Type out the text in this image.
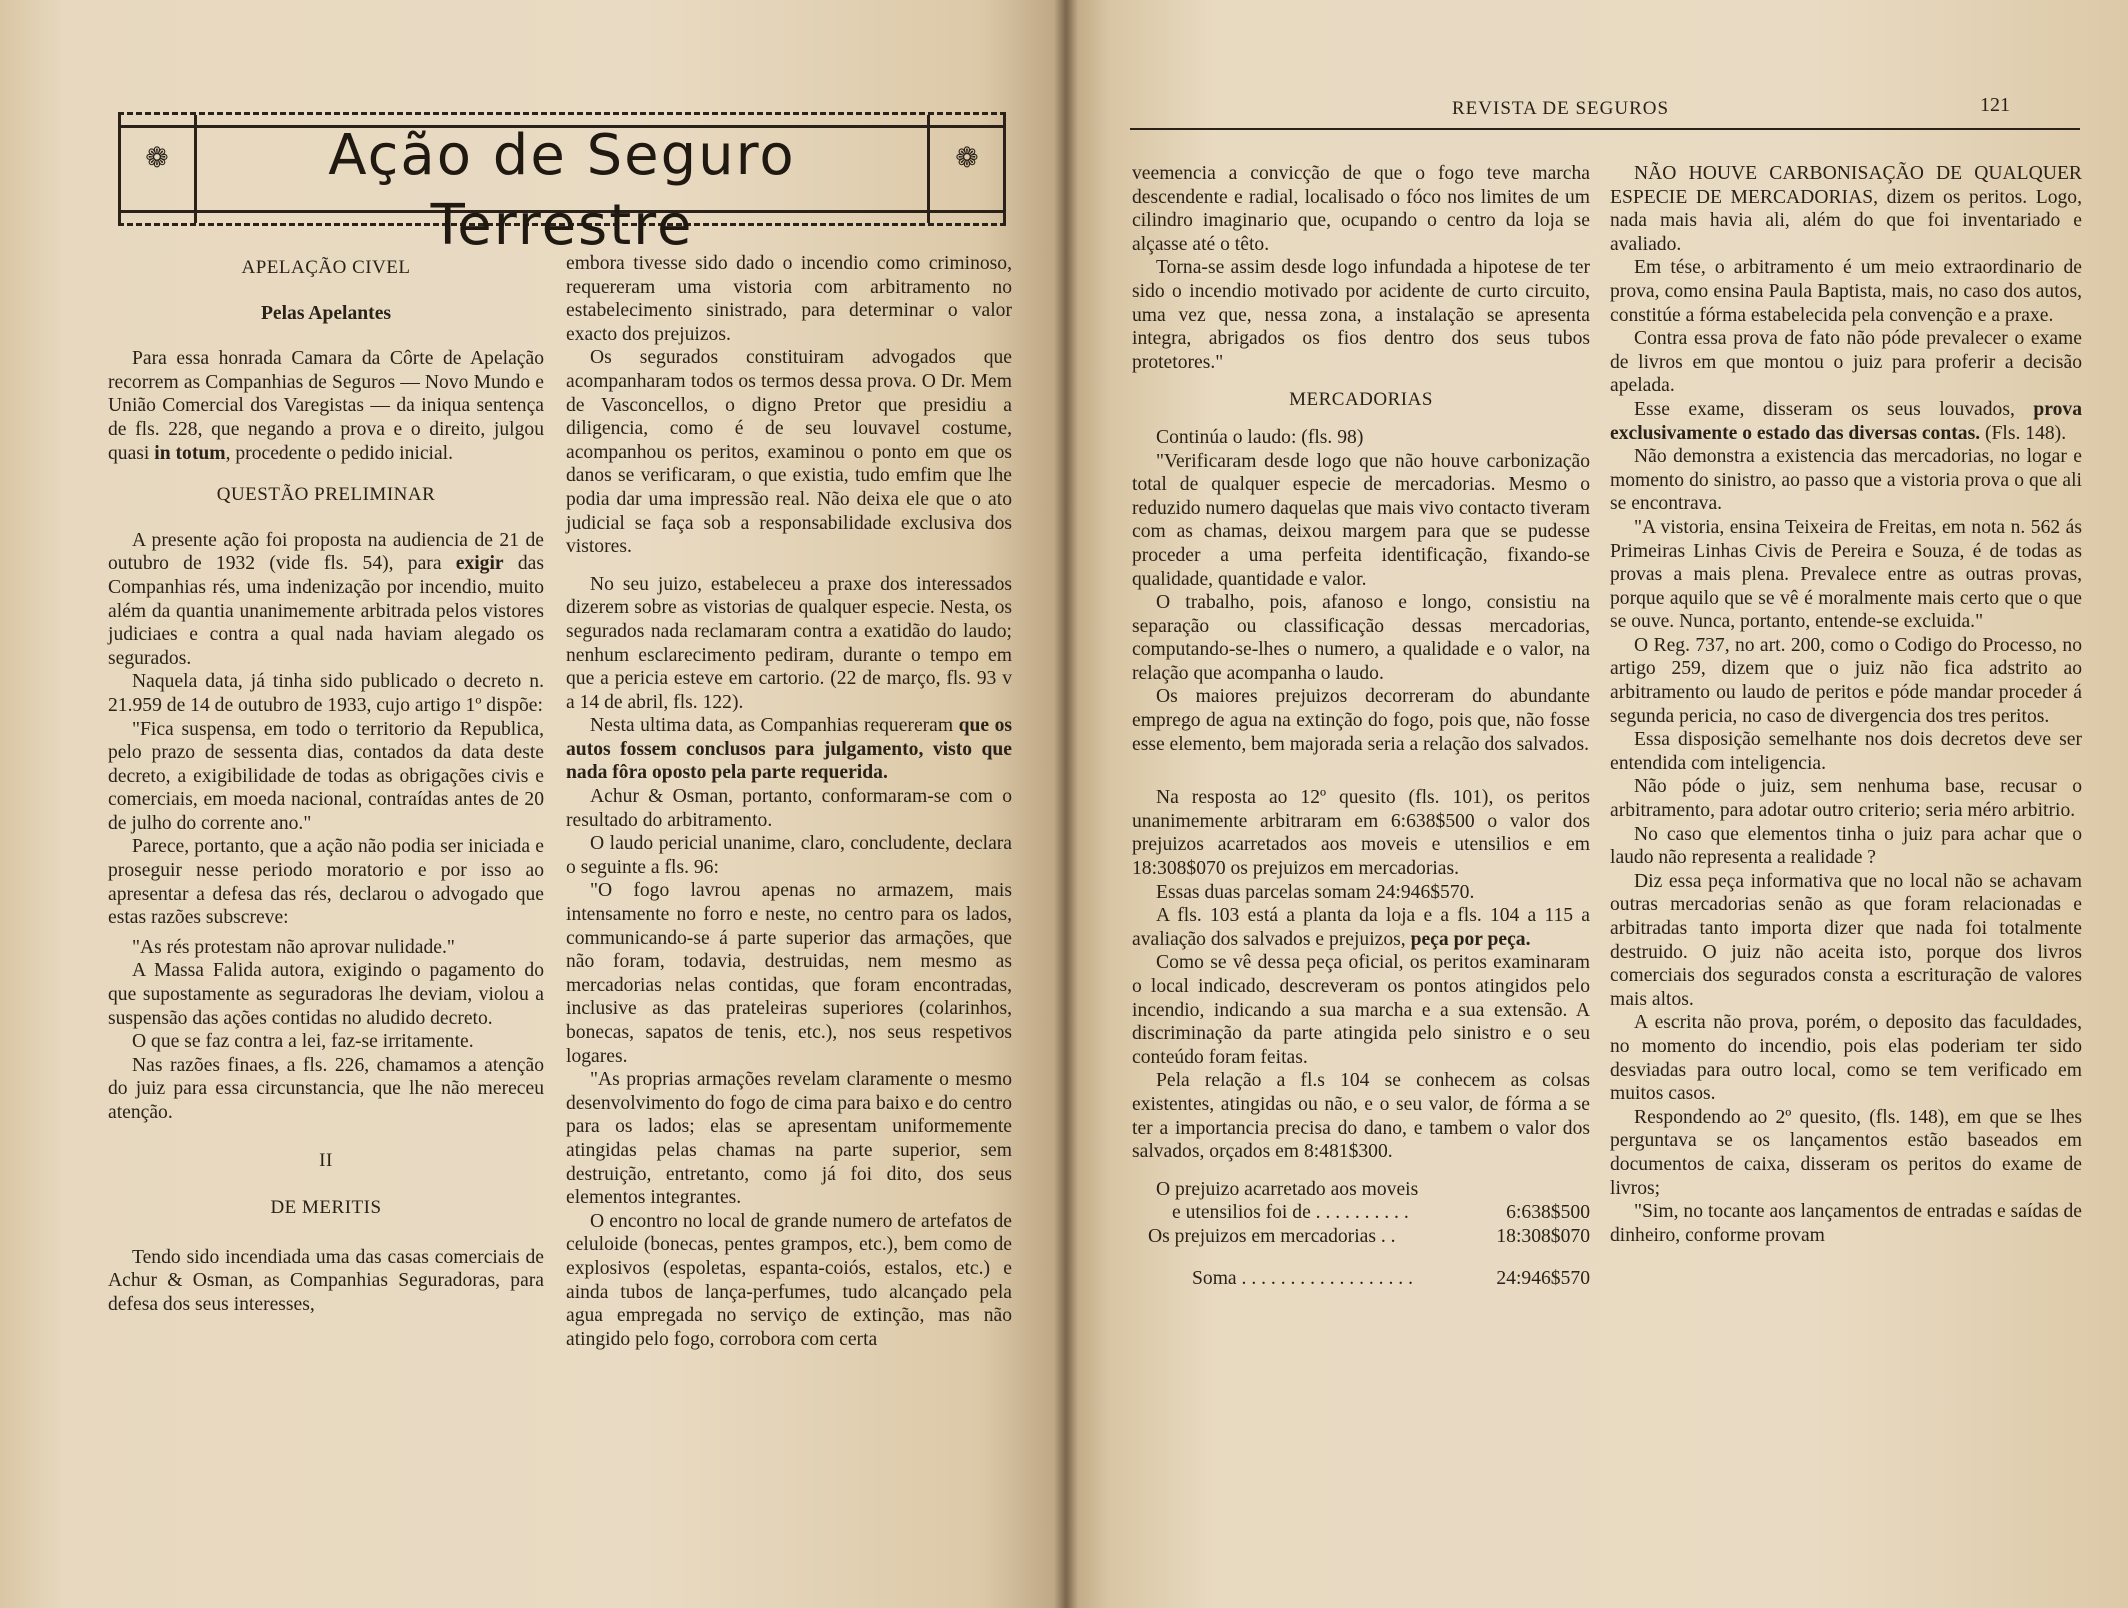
❁	❁
Ação de Seguro Terrestre
APELAÇÃO CIVEL
Pelas Apelantes

Para essa honrada Camara da Côrte de Apelação recorrem as Companhias de Seguros — Novo Mundo e União Comercial dos Varegistas — da iniqua sentença de fls. 228, que negando a prova e o direito, julgou quasi in totum, procedente o pedido inicial.

QUESTÃO PRELIMINAR

A presente ação foi proposta na audiencia de 21 de outubro de 1932 (vide fls. 54), para exigir das Companhias rés, uma indenização por incendio, muito além da quantia unanimemente arbitrada pelos vistores judiciaes e contra a qual nada haviam alegado os segurados.

Naquela data, já tinha sido publicado o decreto n. 21.959 de 14 de outubro de 1933, cujo artigo 1º dispõe:

"Fica suspensa, em todo o territorio da Republica, pelo prazo de sessenta dias, contados da data deste decreto, a exigibilidade de todas as obrigações civis e comerciais, em moeda nacional, contraídas antes de 20 de julho do corrente ano."

Parece, portanto, que a ação não podia ser iniciada e proseguir nesse periodo moratorio e por isso ao apresentar a defesa das rés, declarou o advogado que estas razões subscreve:

"As rés protestam não aprovar nulidade."

A Massa Falida autora, exigindo o pagamento do que supostamente as seguradoras lhe deviam, violou a suspensão das ações contidas no aludido decreto.

O que se faz contra a lei, faz-se irritamente.

Nas razões finaes, a fls. 226, chamamos a atenção do juiz para essa circunstancia, que lhe não mereceu atenção.

II
DE MERITIS

Tendo sido incendiada uma das casas comerciais de Achur & Osman, as Companhias Seguradoras, para defesa dos seus interesses,

embora tivesse sido dado o incendio como criminoso, requereram uma vistoria com arbitramento no estabelecimento sinistrado, para determinar o valor exacto dos prejuizos.

Os segurados constituiram advogados que acompanharam todos os termos dessa prova. O Dr. Mem de Vasconcellos, o digno Pretor que presidiu a diligencia, como é de seu louvavel costume, acompanhou os peritos, examinou o ponto em que os danos se verificaram, o que existia, tudo emfim que lhe podia dar uma impressão real. Não deixa ele que o ato judicial se faça sob a responsabilidade exclusiva dos vistores.

No seu juizo, estabeleceu a praxe dos interessados dizerem sobre as vistorias de qualquer especie. Nesta, os segurados nada reclamaram contra a exatidão do laudo; nenhum esclarecimento pediram, durante o tempo em que a pericia esteve em cartorio. (22 de março, fls. 93 v a 14 de abril, fls. 122).

Nesta ultima data, as Companhias requereram que os autos fossem conclusos para julgamento, visto que nada fôra oposto pela parte requerida.

Achur & Osman, portanto, conformaram-se com o resultado do arbitramento.

O laudo pericial unanime, claro, concludente, declara o seguinte a fls. 96:

"O fogo lavrou apenas no armazem, mais intensamente no forro e neste, no centro para os lados, communicando-se á parte superior das armações, que não foram, todavia, destruidas, nem mesmo as mercadorias nelas contidas, que foram encontradas, inclusive as das prateleiras superiores (colarinhos, bonecas, sapatos de tenis, etc.), nos seus respetivos logares.

"As proprias armações revelam claramente o mesmo desenvolvimento do fogo de cima para baixo e do centro para os lados; elas se apresentam uniformemente atingidas pelas chamas na parte superior, sem destruição, entretanto, como já foi dito, dos seus elementos integrantes.

O encontro no local de grande numero de artefatos de celuloide (bonecas, pentes grampos, etc.), bem como de explosivos (espoletas, espanta-coiós, estalos, etc.) e ainda tubos de lança-perfumes, tudo alcançado pela agua empregada no serviço de extinção, mas não atingido pelo fogo, corrobora com certa

REVISTA DE SEGUROS	121

veemencia a convicção de que o fogo teve marcha descendente e radial, localisado o fóco nos limites de um cilindro imaginario que, ocupando o centro da loja se alçasse até o têto.

Torna-se assim desde logo infundada a hipotese de ter sido o incendio motivado por acidente de curto circuito, uma vez que, nessa zona, a instalação se apresenta integra, abrigados os fios dentro dos seus tubos protetores."

MERCADORIAS

Continúa o laudo: (fls. 98)

"Verificaram desde logo que não houve carbonização total de qualquer especie de mercadorias. Mesmo o reduzido numero daquelas que mais vivo contacto tiveram com as chamas, deixou margem para que se pudesse proceder a uma perfeita identificação, fixando-se qualidade, quantidade e valor.

O trabalho, pois, afanoso e longo, consistiu na separação ou classificação dessas mercadorias, computando-se-lhes o numero, a qualidade e o valor, na relação que acompanha o laudo.

Os maiores prejuizos decorreram do abundante emprego de agua na extinção do fogo, pois que, não fosse esse elemento, bem majorada seria a relação dos salvados.

Na resposta ao 12º quesito (fls. 101), os peritos unanimemente arbitraram em 6:638$500 o valor dos prejuizos acarretados aos moveis e utensilios e em 18:308$070 os prejuizos em mercadorias.

Essas duas parcelas somam 24:946$570.

A fls. 103 está a planta da loja e a fls. 104 a 115 a avaliação dos salvados e prejuizos, peça por peça.

Como se vê dessa peça oficial, os peritos examinaram o local indicado, descreveram os pontos atingidos pelo incendio, indicando a sua marcha e a sua extensão. A discriminação da parte atingida pelo sinistro e o seu conteúdo foram feitas.

Pela relação a fl.s 104 se conhecem as colsas existentes, atingidas ou não, e o seu valor, de fórma a se ter a importancia precisa do dano, e tambem o valor dos salvados, orçados em 8:481$300.

O prejuizo acarretado aos moveis

e utensilios foi de . . . . . . . . . .	6:638$500
Os prejuizos em mercadorias . .	18:308$070
Soma . . . . . . . . . . . . . . . . . .	24:946$570

NÃO HOUVE CARBONISAÇÃO DE QUALQUER ESPECIE DE MERCADORIAS, dizem os peritos. Logo, nada mais havia ali, além do que foi inventariado e avaliado.

Em tése, o arbitramento é um meio extraordinario de prova, como ensina Paula Baptista, mais, no caso dos autos, constitúe a fórma estabelecida pela convenção e a praxe.

Contra essa prova de fato não póde prevalecer o exame de livros em que montou o juiz para proferir a decisão apelada.

Esse exame, disseram os seus louvados, prova exclusivamente o estado das diversas contas. (Fls. 148).

Não demonstra a existencia das mercadorias, no logar e momento do sinistro, ao passo que a vistoria prova o que ali se encontrava.

"A vistoria, ensina Teixeira de Freitas, em nota n. 562 ás Primeiras Linhas Civis de Pereira e Souza, é de todas as provas a mais plena. Prevalece entre as outras provas, porque aquilo que se vê é moralmente mais certo que o que se ouve. Nunca, portanto, entende-se excluida."

O Reg. 737, no art. 200, como o Codigo do Processo, no artigo 259, dizem que o juiz não fica adstrito ao arbitramento ou laudo de peritos e póde mandar proceder á segunda pericia, no caso de divergencia dos tres peritos.

Essa disposição semelhante nos dois decretos deve ser entendida com inteligencia.

Não póde o juiz, sem nenhuma base, recusar o arbitramento, para adotar outro criterio; seria méro arbitrio.

No caso que elementos tinha o juiz para achar que o laudo não representa a realidade ?

Diz essa peça informativa que no local não se achavam outras mercadorias senão as que foram relacionadas e arbitradas tanto importa dizer que nada foi totalmente destruido. O juiz não aceita isto, porque dos livros comerciais dos segurados consta a escrituração de valores mais altos.

A escrita não prova, porém, o deposito das faculdades, no momento do incendio, pois elas poderiam ter sido desviadas para outro local, como se tem verificado em muitos casos.

Respondendo ao 2º quesito, (fls. 148), em que se lhes perguntava se os lançamentos estão baseados em documentos de caixa, disseram os peritos do exame de livros;

"Sim, no tocante aos lançamentos de entradas e saídas de dinheiro, conforme provam
